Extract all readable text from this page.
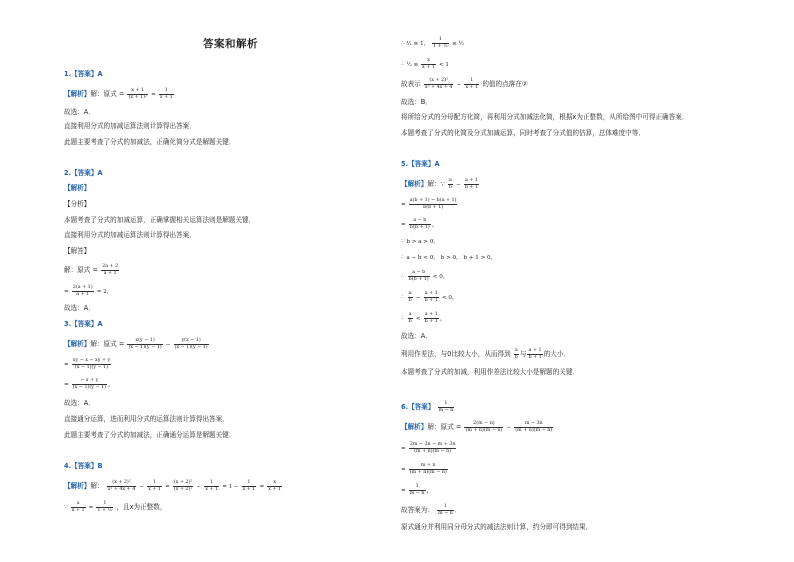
答案和解析
1.【答案】A
【解析】解：原式 = $\frac{x + 1}{\text{(x + 1)²}} = \frac{1}{x + 1}$
故选：A．
直接利用分式的加减运算法则计算得出答案．
此题主要考查了分式的加减法，正确化简分式是解题关键．
2.【答案】A
【解析】
【分析】
本题考查了分式的加减运算，正确掌握相关运算法则是解题关键．
直接利用分式的加减运算法则计算得出答案．
【解答】
解：原式 = $\frac{2a + 2}{a + 1}$
= $\frac{2(a + 1)}{a + 1} = 2$，
故选：A．
3.【答案】A
【解析】解：原式 = $\frac{x(y - 1)}{(x - 1)(y - 1)} - \frac{y(x - 1)}{(x - 1)(y - 1)}$
= $\frac{xy - x - xy + y}{(x - 1)(y - 1)}$
= $\frac{- x + y}{(x - 1)(y - 1)}$ ，
故选：A．
直接通分运算，进而利用分式的运算法则计算得出答案．
此题主要考查了分式的加减法，正确通分运算是解题关键．
4.【答案】B
【解析】解： $\frac{\text{(x + 2)²}}{\text{x² + 4x + 4}} - \frac{1}{x + 1} = \frac{\text{(x + 2)²}}{\text{(x + 2)²}} - \frac{1}{x + 1} = 1 - \frac{1}{x + 1} = \frac{x}{x + 1}$
∵ $\frac{x}{x + 1} = \frac{1}{\text{1 + ¹⁄ₓ}}$ ，且x为正整数，
∴ ¹⁄ₓ ≤ 1， $\frac{1}{\text{1 + ¹⁄ₓ}}$ ≥ ½
∴ ½ ≤ $\frac{x}{x + 1} < 1$
故表示 $\frac{\text{(x + 2)²}}{\text{x² + 4x + 4}} - \frac{1}{x + 1}$ 的值的点落在②
故选：B．
将所给分式的分母配方化简，再利用分式加减法化简，根据x为正整数，从所给图中可得正确答案．
本题考查了分式的化简及分式加减运算，同时考查了分式值的估算，总体难度中等．
5.【答案】A
【解析】解：∵ $\frac{a}{b} - \frac{a + 1}{b + 1}$
= $\frac{a(b + 1) - b(a + 1)}{b(b + 1)}$
= $\frac{a - b}{b(b + 1)}$ ，
∵ b > a > 0，
∴ a − b < 0， b > 0， b + 1 > 0，
∴ $\frac{a - b}{b(b + 1)} < 0$，
∴ $\frac{a}{b} - \frac{a + 1}{b + 1} < 0$，
∴ $\frac{a}{b} < \frac{a + 1}{b + 1}$ ，
故选：A．
利用作差法，与0比较大小，从而得到 $\frac{a}{b}$ 与 $\frac{a + 1}{b + 1}$ 的大小．
本题考查了分式的加减，利用作差法比较大小是解题的关键．
6.【答案】 $\frac{1}{m - n}$
【解析】解：原式 = $\frac{2(m - n)}{(m + n)(m - n)} - \frac{m - 3n}{(m + n)(m - n)}$
= $\frac{2m - 2n - m + 3n}{(m + n)(m - n)}$
= $\frac{m + n}{(m + n)(m - n)}$
= $\frac{1}{m - n}$ ，
故答案为： $\frac{1}{m - n}$ ．
原式通分并利用同分母分式的减法法则计算，约分即可得到结果．
